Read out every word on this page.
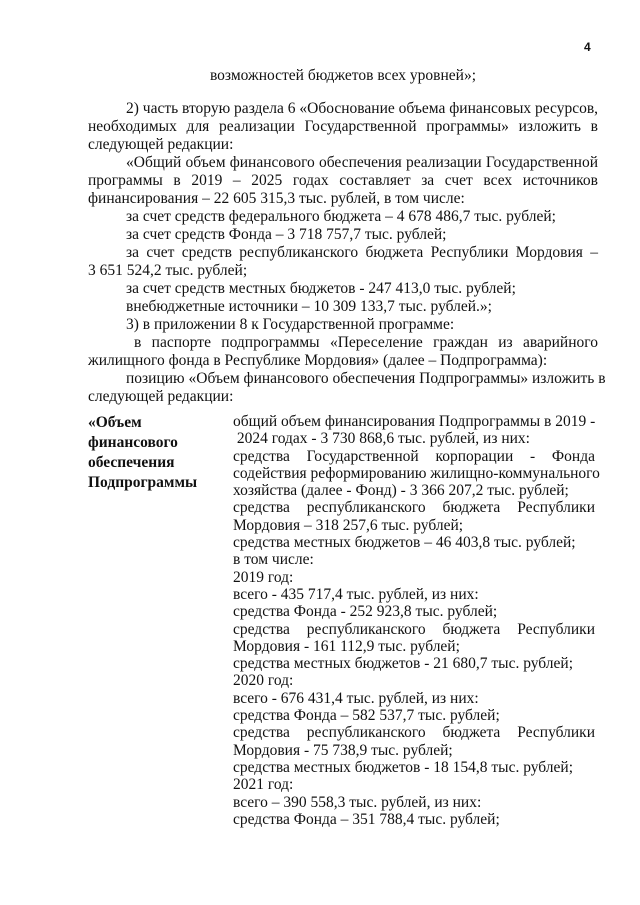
4
возможностей бюджетов всех уровней»;
2) часть вторую раздела 6 «Обоснование объема финансовых ресурсов,
необходимых для реализации Государственной программы» изложить в
следующей редакции:
«Общий объем финансового обеспечения реализации Государственной
программы в 2019 – 2025 годах составляет за счет всех источников
финансирования – 22 605 315,3 тыс. рублей, в том числе:
за счет средств федерального бюджета – 4 678 486,7 тыс. рублей;
за счет средств Фонда – 3 718 757,7 тыс. рублей;
за счет средств республиканского бюджета Республики Мордовия –
3 651 524,2 тыс. рублей;
за счет средств местных бюджетов - 247 413,0 тыс. рублей;
внебюджетные источники – 10 309 133,7 тыс. рублей.»;
3) в приложении 8 к Государственной программе:
в паспорте подпрограммы «Переселение граждан из аварийного
жилищного фонда в Республике Мордовия» (далее – Подпрограмма):
позицию «Объем финансового обеспечения Подпрограммы» изложить в
следующей редакции:
«Объем
финансового
обеспечения
Подпрограммы
общий объем финансирования Подпрограммы в 2019 -
2024 годах - 3 730 868,6 тыс. рублей, из них:
средства Государственной корпорации - Фонда
содействия реформированию жилищно-коммунального
хозяйства (далее - Фонд) - 3 366 207,2 тыс. рублей;
средства республиканского бюджета Республики
Мордовия – 318 257,6 тыс. рублей;
средства местных бюджетов – 46 403,8 тыс. рублей;
в том числе:
2019 год:
всего - 435 717,4 тыс. рублей, из них:
средства Фонда - 252 923,8 тыс. рублей;
средства республиканского бюджета Республики
Мордовия - 161 112,9 тыс. рублей;
средства местных бюджетов - 21 680,7 тыс. рублей;
2020 год:
всего - 676 431,4 тыс. рублей, из них:
средства Фонда – 582 537,7 тыс. рублей;
средства республиканского бюджета Республики
Мордовия - 75 738,9 тыс. рублей;
средства местных бюджетов - 18 154,8 тыс. рублей;
2021 год:
всего – 390 558,3 тыс. рублей, из них:
средства Фонда – 351 788,4 тыс. рублей;
